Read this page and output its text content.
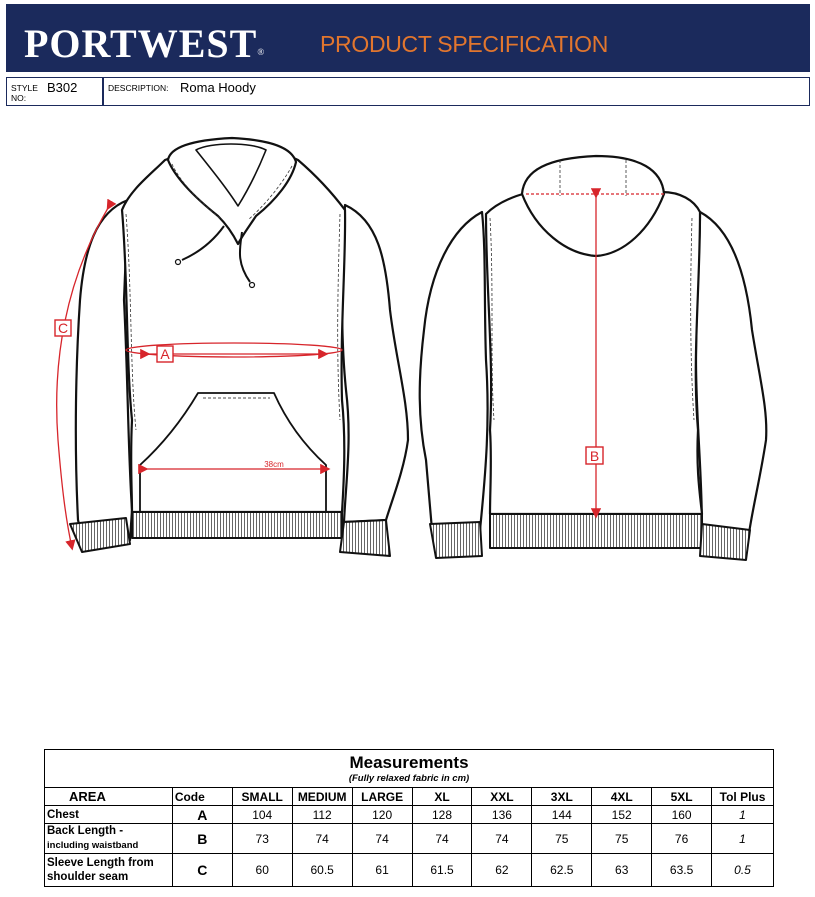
PORTWEST® PRODUCT SPECIFICATION
STYLE
NO:
B302	DESCRIPTION: Roma Hoody
A
C
B
38cm
Measurements
(Fully relaxed fabric in cm)										

AREA	Code	SMALL	MEDIUM	LARGE	XL	XXL	3XL	4XL	5XL	Tol Plus

Chest	A	104	112	120	128	136	144	152	160	1

Back Length -
including waistband	B	73	74	74	74	74	75	75	76	1

Sleeve Length from
shoulder seam	C	60	60.5	61	61.5	62	62.5	63	63.5	0.5
